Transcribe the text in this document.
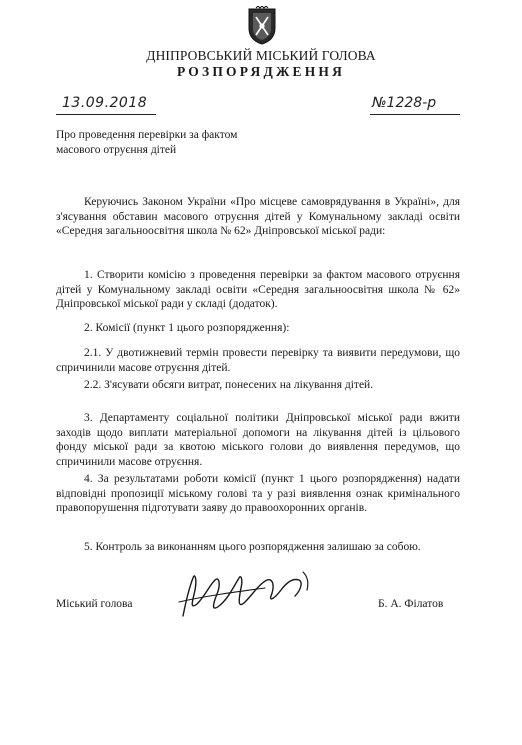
ДНІПРОВСЬКИЙ МІСЬКИЙ ГОЛОВА
РОЗПОРЯДЖЕННЯ
13.09.2018	№1228-р
Про проведення перевірки за фактом масового отруєння дітей
Керуючись Законом України «Про місцеве самоврядування в Україні», для з'ясування обставин масового отруєння дітей у Комунальному закладі освіти «Середня загальноосвітня школа № 62» Дніпровської міської ради:
1. Створити комісію з проведення перевірки за фактом масового отруєння дітей у Комунальному закладі освіти «Середня загальноосвітня школа № 62» Дніпровської міської ради у складі (додаток).
2. Комісії (пункт 1 цього розпорядження):
2.1. У двотижневий термін провести перевірку та виявити передумови, що спричинили масове отруєння дітей.
2.2. З'ясувати обсяги витрат, понесених на лікування дітей.
3. Департаменту соціальної політики Дніпровської міської ради вжити заходів щодо виплати матеріальної допомоги на лікування дітей із цільового фонду міської ради за квотою міського голови до виявлення передумов, що спричинили масове отруєння.
4. За результатами роботи комісії (пункт 1 цього розпорядження) надати відповідні пропозиції міському голові та у разі виявлення ознак кримінального правопорушення підготувати заяву до правоохоронних органів.
5. Контроль за виконанням цього розпорядження залишаю за собою.
Міський голова	Б. А. Філатов
